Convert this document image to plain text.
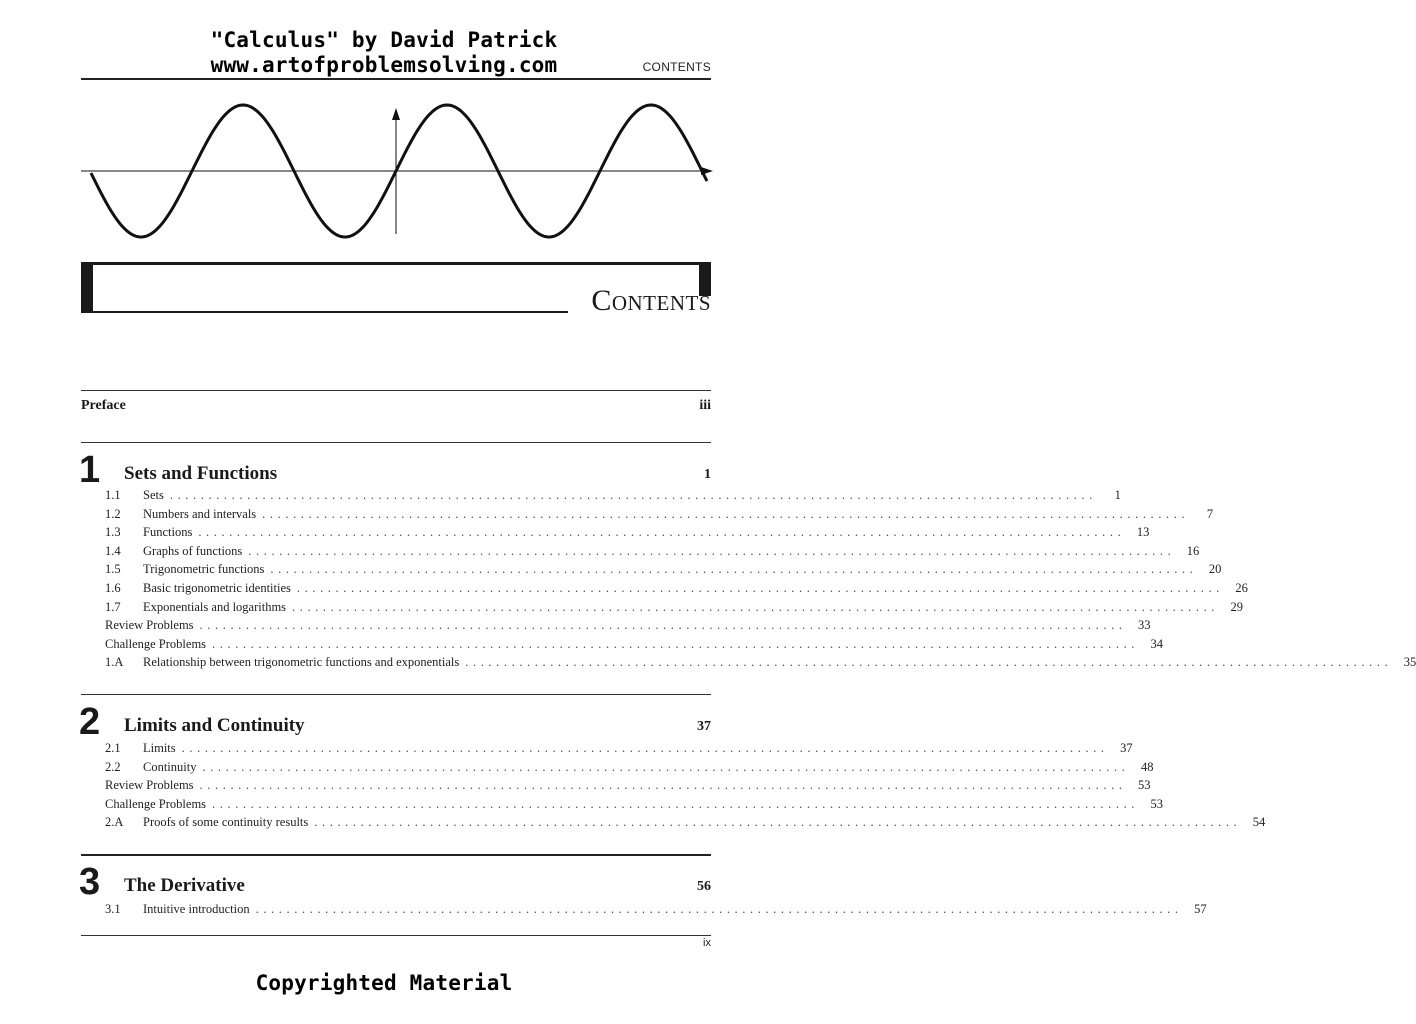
"Calculus" by David Patrick
www.artofproblemsolving.com	CONTENTS
Contents
Preface	iii
1 Sets and Functions	1
1.1	Sets ........................................................................................................................	1
1.2	Numbers and intervals ........................................................................................................................	7
1.3	Functions ........................................................................................................................ 13
1.4	Graphs of functions ........................................................................................................................ 16
1.5	Trigonometric functions ........................................................................................................................ 20
1.6	Basic trigonometric identities ........................................................................................................................ 26
1.7	Exponentials and logarithms ........................................................................................................................ 29
Review Problems ........................................................................................................................ 33
Challenge Problems ........................................................................................................................ 34
1.A	Relationship between trigonometric functions and exponentials ........................................................................................................................ 35
2 Limits and Continuity	37
2.1	Limits ........................................................................................................................ 37
2.2	Continuity ........................................................................................................................ 48
Review Problems ........................................................................................................................ 53
Challenge Problems ........................................................................................................................ 53
2.A	Proofs of some continuity results ........................................................................................................................ 54
3 The Derivative	56
3.1	Intuitive introduction ........................................................................................................................ 57
ix
Copyrighted Material
